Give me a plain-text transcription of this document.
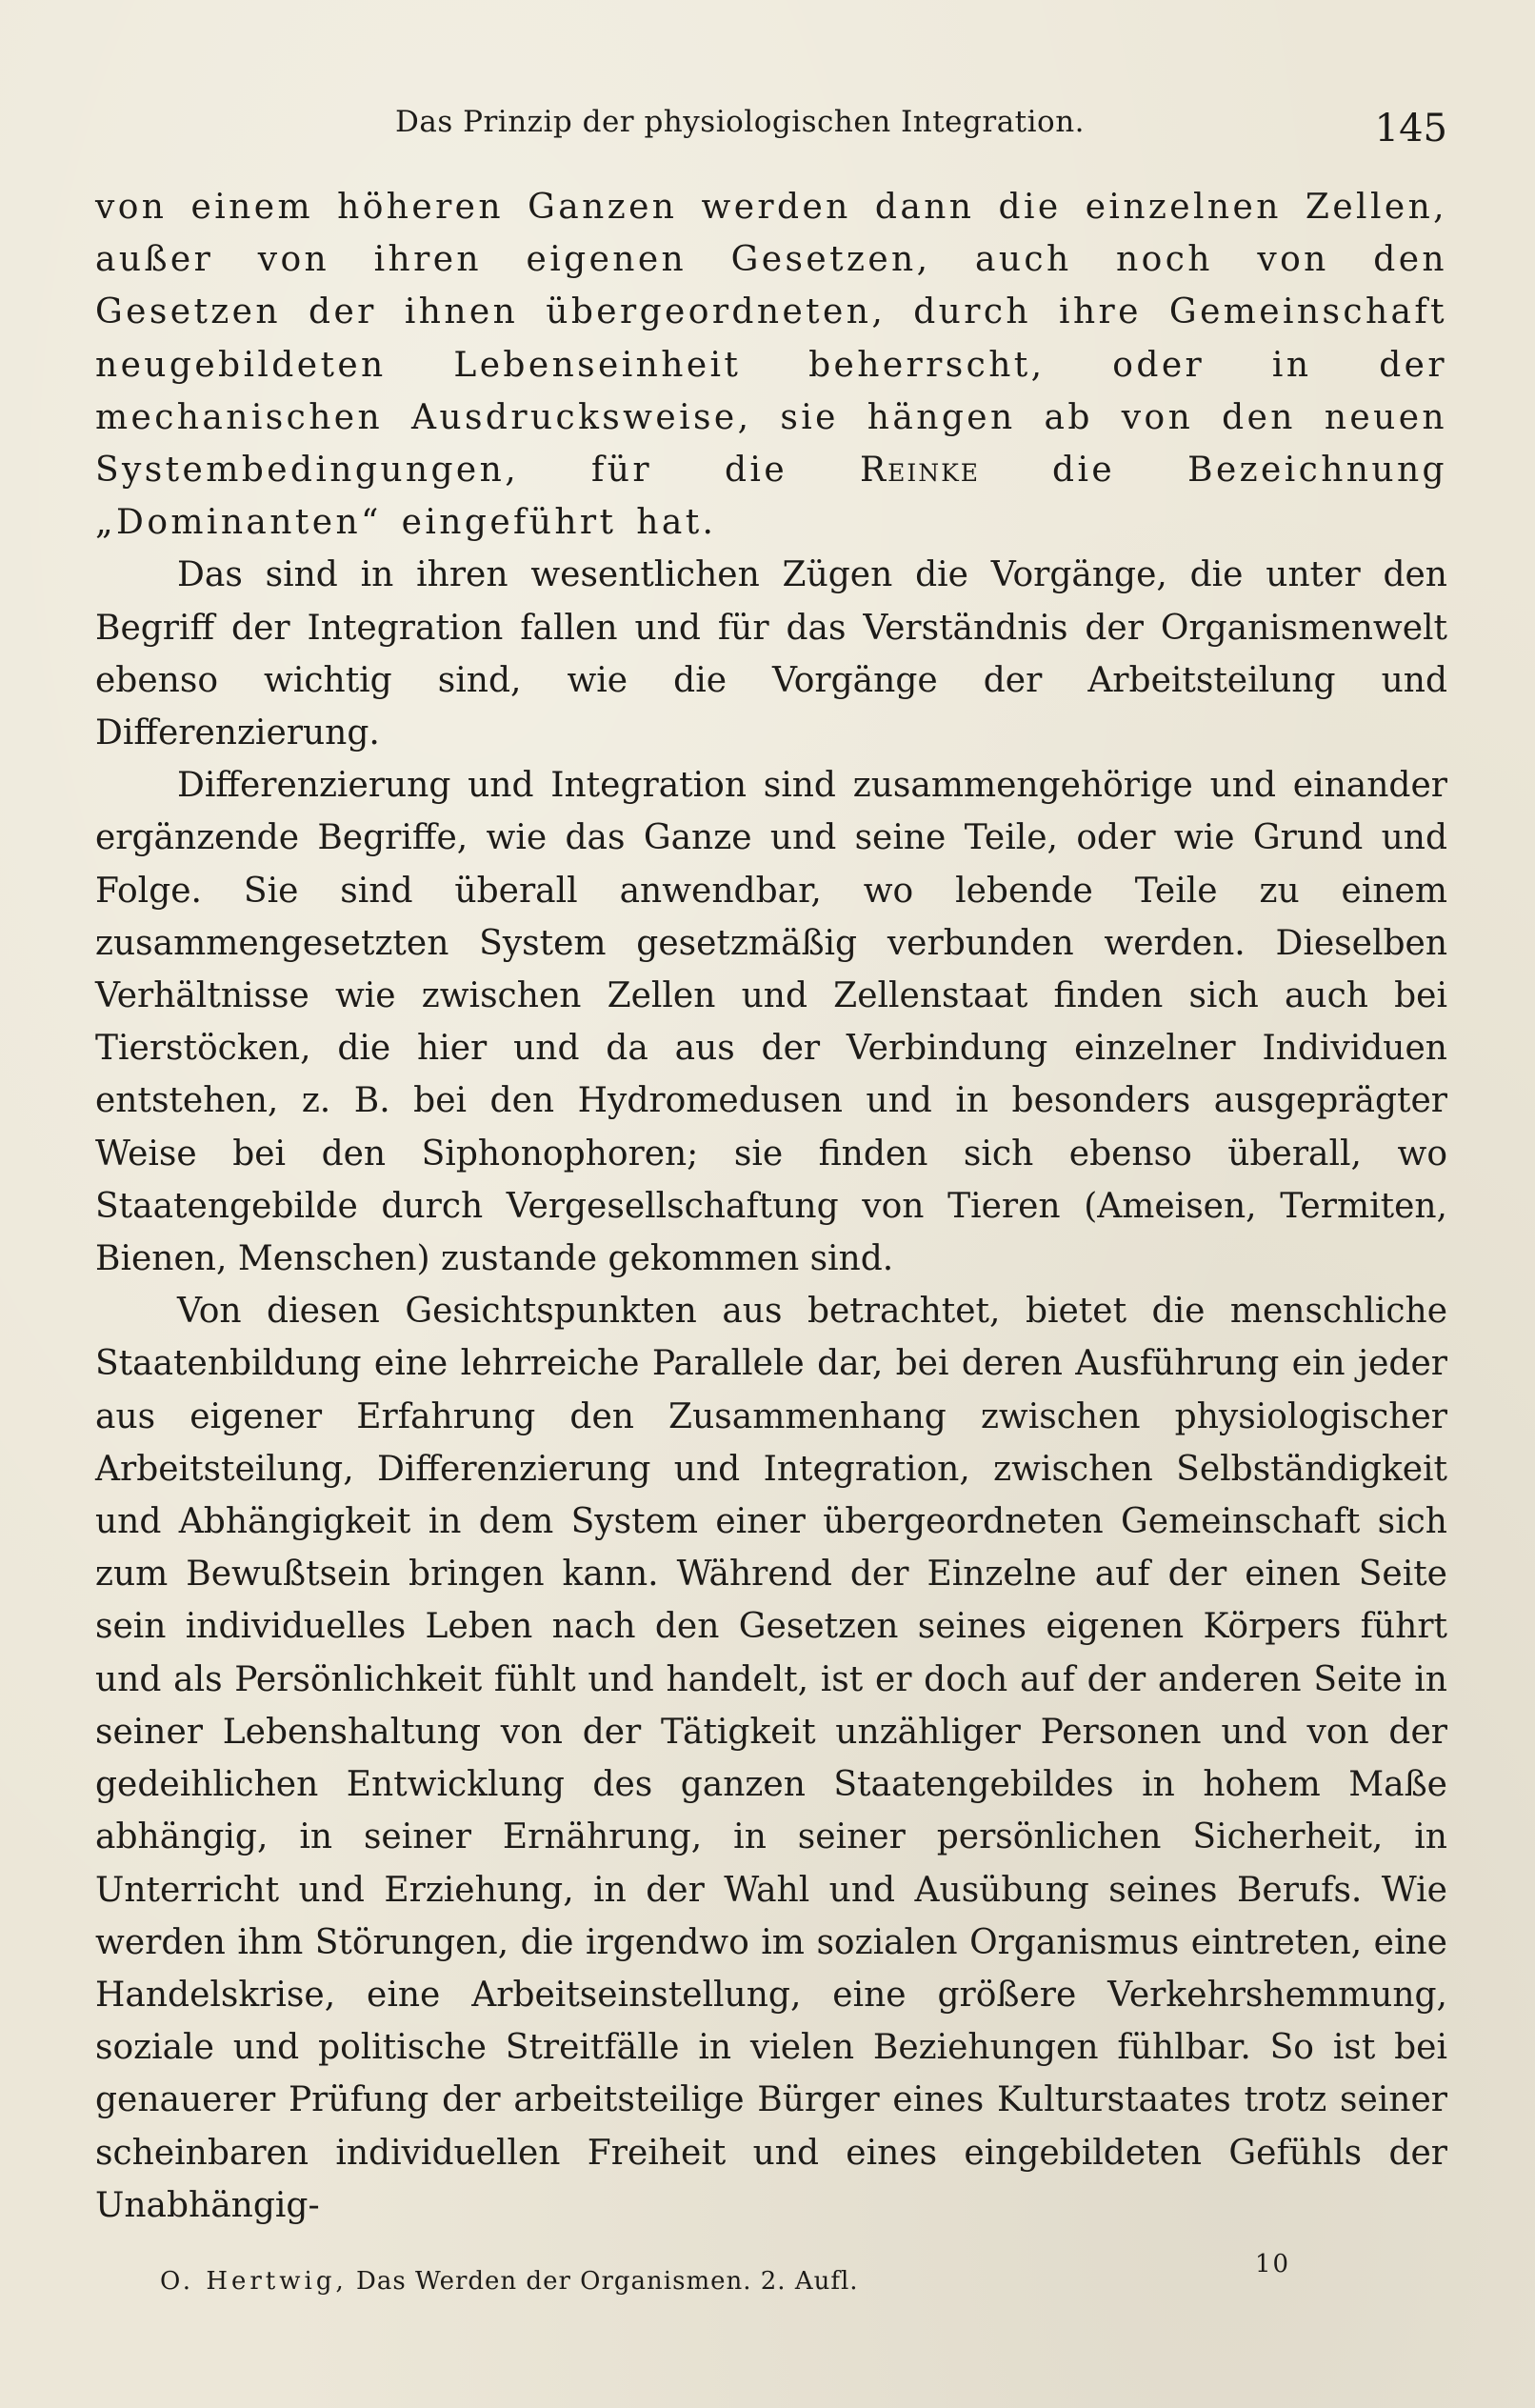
Das Prinzip der physiologischen Integration.	145

von einem höheren Ganzen werden dann die einzelnen Zellen, außer von ihren eigenen Gesetzen, auch noch von den Gesetzen der ihnen übergeordneten, durch ihre Gemeinschaft neugebildeten Lebenseinheit beherrscht, oder in der mechanischen Ausdrucksweise, sie hängen ab von den neuen Systembedingungen, für die Reinke die Bezeichnung „Dominanten“ eingeführt hat.

Das sind in ihren wesentlichen Zügen die Vorgänge, die unter den Begriff der Integration fallen und für das Verständnis der Organismenwelt ebenso wichtig sind, wie die Vorgänge der Arbeitsteilung und Differenzierung.

Differenzierung und Integration sind zusammengehörige und einander ergänzende Begriffe, wie das Ganze und seine Teile, oder wie Grund und Folge. Sie sind überall anwendbar, wo lebende Teile zu einem zusammengesetzten System gesetzmäßig verbunden werden. Dieselben Verhältnisse wie zwischen Zellen und Zellenstaat finden sich auch bei Tierstöcken, die hier und da aus der Verbindung einzelner Individuen entstehen, z. B. bei den Hydromedusen und in besonders ausgeprägter Weise bei den Siphonophoren; sie finden sich ebenso überall, wo Staatengebilde durch Vergesellschaftung von Tieren (Ameisen, Termiten, Bienen, Menschen) zustande gekommen sind.

Von diesen Gesichtspunkten aus betrachtet, bietet die menschliche Staatenbildung eine lehrreiche Parallele dar, bei deren Ausführung ein jeder aus eigener Erfahrung den Zusammenhang zwischen physiologischer Arbeitsteilung, Differenzierung und Integration, zwischen Selbständigkeit und Abhängigkeit in dem System einer übergeordneten Gemeinschaft sich zum Bewußtsein bringen kann. Während der Einzelne auf der einen Seite sein individuelles Leben nach den Gesetzen seines eigenen Körpers führt und als Persönlichkeit fühlt und handelt, ist er doch auf der anderen Seite in seiner Lebenshaltung von der Tätigkeit unzähliger Personen und von der gedeihlichen Entwicklung des ganzen Staatengebildes in hohem Maße abhängig, in seiner Ernährung, in seiner persönlichen Sicherheit, in Unterricht und Erziehung, in der Wahl und Ausübung seines Berufs. Wie werden ihm Störungen, die irgendwo im sozialen Organismus eintreten, eine Handelskrise, eine Arbeitseinstellung, eine größere Verkehrshemmung, soziale und politische Streitfälle in vielen Beziehungen fühlbar. So ist bei genauerer Prüfung der arbeitsteilige Bürger eines Kulturstaates trotz seiner scheinbaren individuellen Freiheit und eines eingebildeten Gefühls der Unabhängig-

O. Hertwig, Das Werden der Organismen. 2. Aufl.
10
